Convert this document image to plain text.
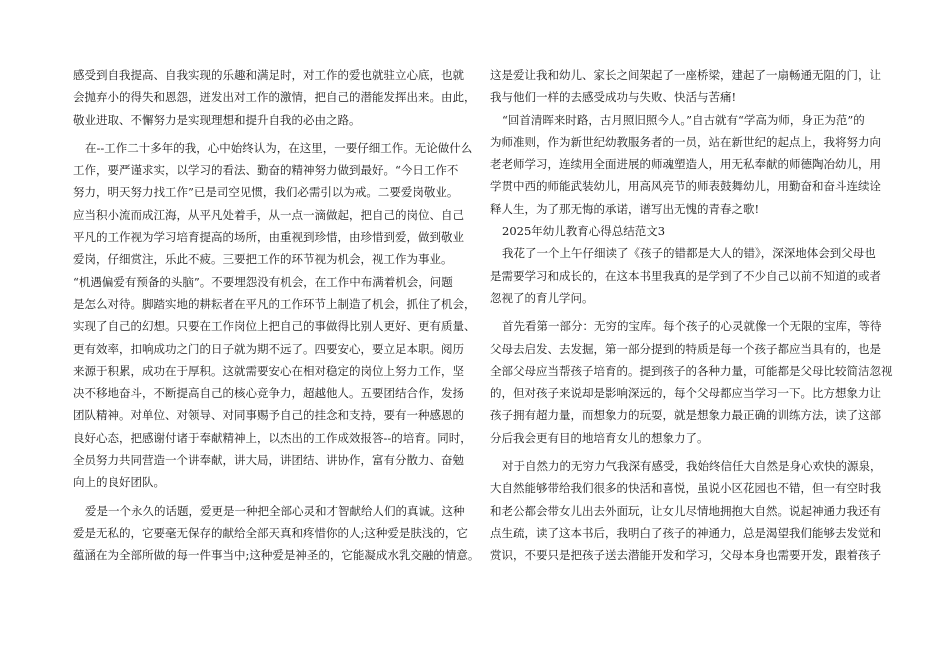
感受到自我提高、自我实现的乐趣和满足时，对工作的爱也就驻立心底，也就
会抛弃小的得失和恩怨，迸发出对工作的激情，把自己的潜能发挥出来。由此，
敬业进取、不懈努力是实现理想和提升自我的必由之路。
在--工作二十多年的我，心中始终认为，在这里，一要仔细工作。无论做什么
工作，要严谨求实，以学习的看法、勤奋的精神努力做到最好。“今日工作不
努力，明天努力找工作”已是司空见惯，我们必需引以为戒。二要爱岗敬业。
应当积小流而成江海，从平凡处着手，从一点一滴做起，把自己的岗位、自己
平凡的工作视为学习培育提高的场所，由重视到珍惜，由珍惜到爱，做到敬业
爱岗，仔细赏注，乐此不疲。三要把工作的环节视为机会，视工作为事业。
“机遇偏爱有预备的头脑”。不要埋怨没有机会，在工作中布满着机会，问题
是怎么对待。脚踏实地的耕耘者在平凡的工作环节上制造了机会，抓住了机会，
实现了自己的幻想。只要在工作岗位上把自己的事做得比别人更好、更有质量、
更有效率，扣响成功之门的日子就为期不远了。四要安心，要立足本职。阅历
来源于积累，成功在于厚积。这就需要安心在相对稳定的岗位上努力工作，坚
决不移地奋斗，不断提高自己的核心竞争力，超越他人。五要团结合作，发扬
团队精神。对单位、对领导、对同事赐予自己的挂念和支持，要有一种感恩的
良好心态，把感谢付诸于奉献精神上，以杰出的工作成效报答--的培育。同时，
全员努力共同营造一个讲奉献，讲大局，讲团结、讲协作，富有分散力、奋勉
向上的良好团队。
爱是一个永久的话题，爱更是一种把全部心灵和才智献给人们的真诚。这种
爱是无私的，它要毫无保存的献给全部天真和疼惜你的人;这种爱是肤浅的，它
蕴涵在为全部所做的每一件事当中;这种爱是神圣的，它能凝成水乳交融的情意。
这是爱让我和幼儿、家长之间架起了一座桥梁，建起了一扇畅通无阻的门，让
我与他们一样的去感受成功与失败、快活与苦痛!
“回首清晖来时路，古月照旧照今人。”自古就有“学高为师，身正为范”的
为师准则，作为新世纪幼教服务者的一员，站在新世纪的起点上，我将努力向
老老师学习，连续用全面进展的师魂塑造人，用无私奉献的师德陶冶幼儿，用
学贯中西的师能武装幼儿，用高风亮节的师表鼓舞幼儿，用勤奋和奋斗连续诠
释人生，为了那无悔的承诺，谱写出无愧的青春之歌!
2025年幼儿教育心得总结范文3
我花了一个上午仔细读了《孩子的错都是大人的错》，深深地体会到父母也
是需要学习和成长的，在这本书里我真的是学到了不少自己以前不知道的或者
忽视了的育儿学问。
首先看第一部分：无穷的宝库。每个孩子的心灵就像一个无限的宝库，等待
父母去启发、去发掘，第一部分提到的特质是每一个孩子都应当具有的，也是
全部父母应当帮孩子培育的。提到孩子的各种力量，可能都是父母比较简洁忽视
的，但对孩子来说却是影响深远的，每个父母都应当学习一下。比方想象力让
孩子拥有超力量，而想象力的玩耍，就是想象力最正确的训练方法，读了这部
分后我会更有目的地培育女儿的想象力了。
对于自然力的无穷力气我深有感受，我始终信任大自然是身心欢快的源泉，
大自然能够带给我们很多的快活和喜悦，虽说小区花园也不错，但一有空时我
和老公都会带女儿出去外面玩，让女儿尽情地拥抱大自然。说起神通力我还有
点生疏，读了这本书后，我明白了孩子的神通力，总是渴望我们能够去发觉和
赏识，不要只是把孩子送去潜能开发和学习，父母本身也需要开发，跟着孩子
